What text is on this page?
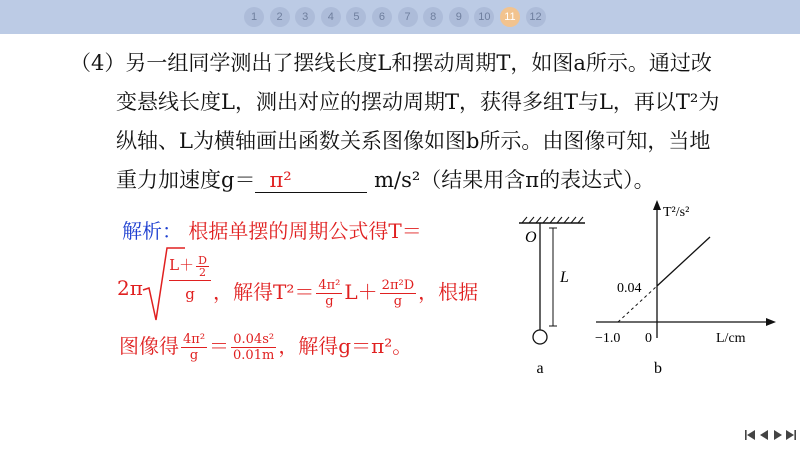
1	2	3	4	5	6	7	8	9	10	11	12
（4）另一组同学测出了摆线长度L和摆动周期T，如图a所示。通过改
变悬线长度L，测出对应的摆动周期T，获得多组T与L，再以T²为
纵轴、L为横轴画出函数关系图像如图b所示。由图像可知，当地
重力加速度g＝ π²	m/s²（结果用含π的表达式）。
解析： 根据单摆的周期公式得T＝
2π
$L+ \frac{D}{2}$
g ，解得$T^2= \frac{\text{4π²}}{g} L+ \frac{\text{2π²D}}{g}$ ，根据
图像得 $\frac{\text{4π²}}{g} = \frac{\text{0.04s²}}{0.01m}$ ，解得g＝π²。
O
L
a
T²/s²
L/cm
0.04
−1.0 0
b
